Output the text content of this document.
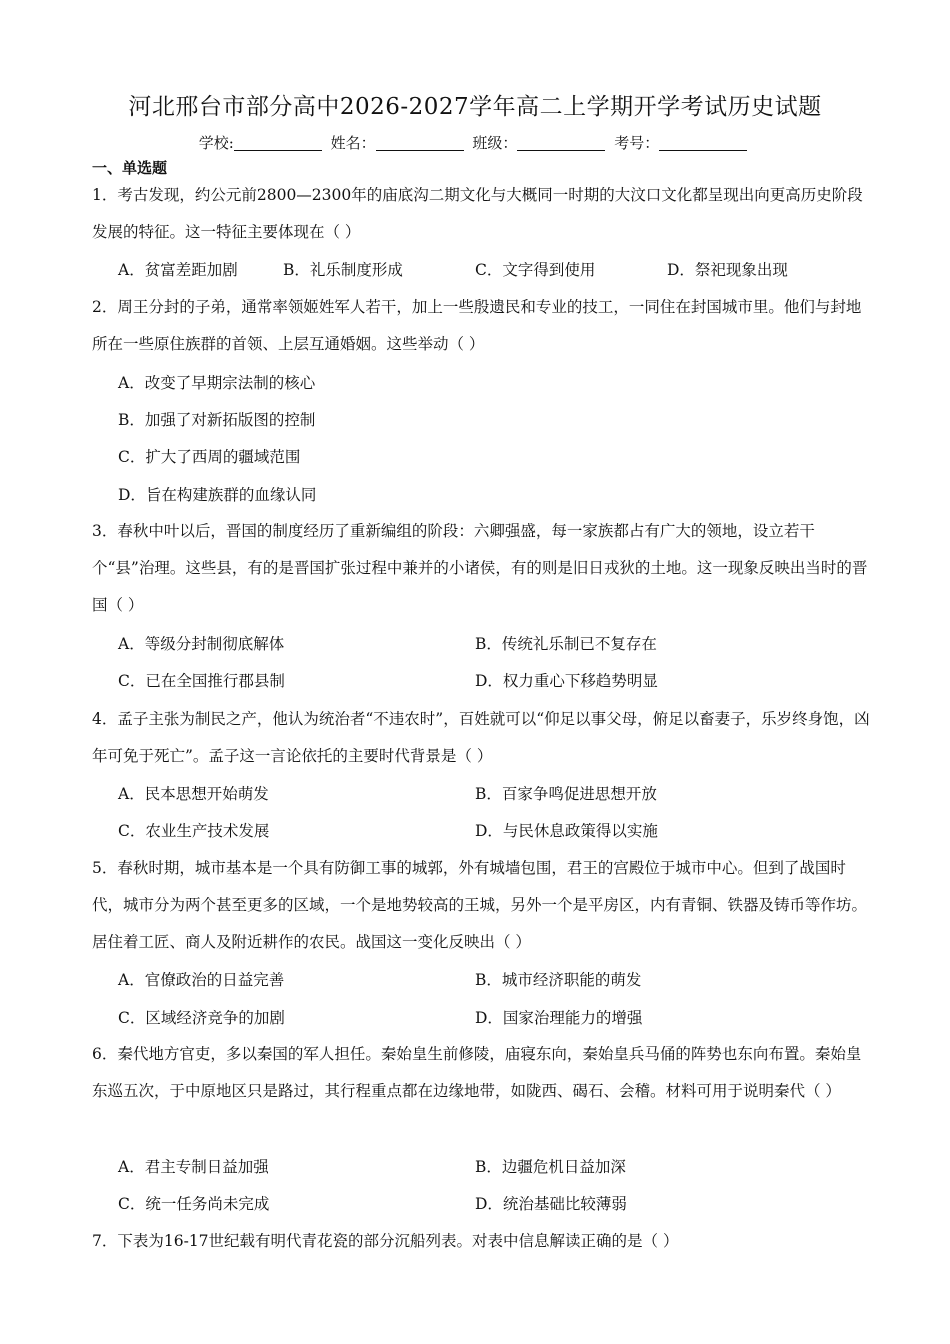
河北邢台市部分高中2026-2027学年高二上学期开学考试历史试题
学校:	姓名：	班级：	考号：
一、单选题
1．考古发现，约公元前2800—2300年的庙底沟二期文化与大概同一时期的大汶口文化都呈现出向更高历史阶段发展的特征。这一特征主要体现在（ ）
A．贫富差距加剧	B．礼乐制度形成	C．文字得到使用	D．祭祀现象出现
2．周王分封的子弟，通常率领姬姓军人若干，加上一些殷遗民和专业的技工，一同住在封国城市里。他们与封地所在一些原住族群的首领、上层互通婚姻。这些举动（ ）
A．改变了早期宗法制的核心
B．加强了对新拓版图的控制
C．扩大了西周的疆域范围
D．旨在构建族群的血缘认同
3．春秋中叶以后，晋国的制度经历了重新编组的阶段：六卿强盛，每一家族都占有广大的领地，设立若干个“县”治理。这些县，有的是晋国扩张过程中兼并的小诸侯，有的则是旧日戎狄的土地。这一现象反映出当时的晋国（ ）
A．等级分封制彻底解体	B．传统礼乐制已不复存在
C．已在全国推行郡县制	D．权力重心下移趋势明显
4．孟子主张为制民之产，他认为统治者“不违农时”，百姓就可以“仰足以事父母，俯足以畜妻子，乐岁终身饱，凶年可免于死亡”。孟子这一言论依托的主要时代背景是（ ）
A．民本思想开始萌发	B．百家争鸣促进思想开放
C．农业生产技术发展	D．与民休息政策得以实施
5．春秋时期，城市基本是一个具有防御工事的城郭，外有城墙包围，君王的宫殿位于城市中心。但到了战国时代，城市分为两个甚至更多的区域，一个是地势较高的王城，另外一个是平房区，内有青铜、铁器及铸币等作坊。居住着工匠、商人及附近耕作的农民。战国这一变化反映出（ ）
A．官僚政治的日益完善	B．城市经济职能的萌发
C．区域经济竞争的加剧	D．国家治理能力的增强
6．秦代地方官吏，多以秦国的军人担任。秦始皇生前修陵，庙寝东向，秦始皇兵马俑的阵势也东向布置。秦始皇东巡五次，于中原地区只是路过，其行程重点都在边缘地带，如陇西、碣石、会稽。材料可用于说明秦代（ ）
A．君主专制日益加强	B．边疆危机日益加深
C．统一任务尚未完成	D．统治基础比较薄弱
7．下表为16-17世纪载有明代青花瓷的部分沉船列表。对表中信息解读正确的是（ ）
